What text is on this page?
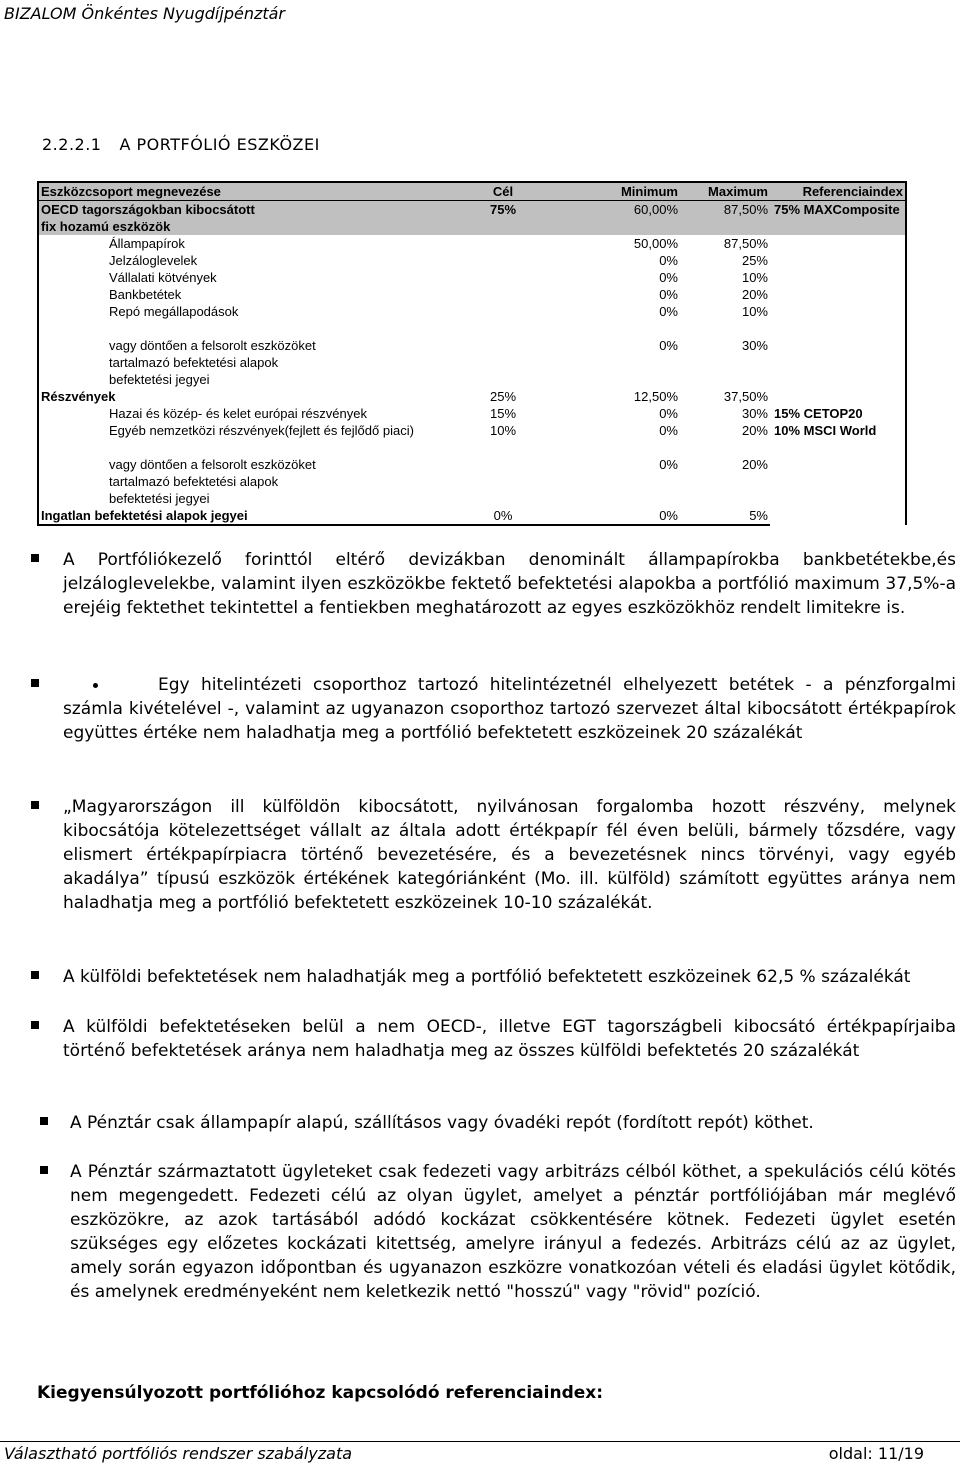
BIZALOM Önkéntes Nyugdíjpénztár
2.2.2.1 A PORTFÓLIÓ ESZKÖZEI
Eszközcsoport megnevezése	Cél	Minimum	Maximum	Referenciaindex
OECD tagországokban kibocsátott	75%	60,00%	87,50%	75% MAXComposite
fix hozamú eszközök				
Állampapírok		50,00%	87,50%	
Jelzáloglevelek		0%	25%	
Vállalati kötvények		0%	10%	
Bankbetétek		0%	20%	
Repó megállapodások		0%	10%	

vagy döntően a felsorolt eszközöket		0%	30%	
tartalmazó befektetési alapok				
befektetési jegyei				
Részvények	25%	12,50%	37,50%	
Hazai és közép- és kelet európai részvények	15%	0%	30%	15% CETOP20
Egyéb nemzetközi részvények(fejlett és fejlődő piaci)	10%	0%	20%	10% MSCI World

vagy döntően a felsorolt eszközöket		0%	20%	
tartalmazó befektetési alapok				
befektetési jegyei				
Ingatlan befektetési alapok jegyei	0%	0%	5%	
A Portfóliókezelő forinttól eltérő devizákban denominált állampapírokba bankbetétekbe,és jelzáloglevelekbe, valamint ilyen eszközökbe fektető befektetési alapokba a portfólió maximum 37,5%-a erejéig fektethet tekintettel a fentiekben meghatározott az egyes eszközökhöz rendelt limitekre is.
Egy hitelintézeti csoporthoz tartozó hitelintézetnél elhelyezett betétek - a pénzforgalmi számla kivételével -, valamint az ugyanazon csoporthoz tartozó szervezet által kibocsátott értékpapírok együttes értéke nem haladhatja meg a portfólió befektetett eszközeinek 20 százalékát
„Magyarországon ill külföldön kibocsátott, nyilvánosan forgalomba hozott részvény, melynek kibocsátója kötelezettséget vállalt az általa adott értékpapír fél éven belüli, bármely tőzsdére, vagy elismert értékpapírpiacra történő bevezetésére, és a bevezetésnek nincs törvényi, vagy egyéb akadálya” típusú eszközök értékének kategóriánként (Mo. ill. külföld) számított együttes aránya nem haladhatja meg a portfólió befektetett eszközeinek 10-10 százalékát.
A külföldi befektetések nem haladhatják meg a portfólió befektetett eszközeinek 62,5 % százalékát
A külföldi befektetéseken belül a nem OECD-, illetve EGT tagországbeli kibocsátó értékpapírjaiba történő befektetések aránya nem haladhatja meg az összes külföldi befektetés 20 százalékát
A Pénztár csak állampapír alapú, szállításos vagy óvadéki repót (fordított repót) köthet.
A Pénztár származtatott ügyleteket csak fedezeti vagy arbitrázs célból köthet, a spekulációs célú kötés nem megengedett. Fedezeti célú az olyan ügylet, amelyet a pénztár portfóliójában már meglévő eszközökre, az azok tartásából adódó kockázat csökkentésére kötnek. Fedezeti ügylet esetén szükséges egy előzetes kockázati kitettség, amelyre irányul a fedezés. Arbitrázs célú az az ügylet, amely során egyazon időpontban és ugyanazon eszközre vonatkozóan vételi és eladási ügylet kötődik, és amelynek eredményeként nem keletkezik nettó "hosszú" vagy "rövid" pozíció.
Kiegyensúlyozott portfólióhoz kapcsolódó referenciaindex:
Választható portfóliós rendszer szabályzata	oldal: 11/19
